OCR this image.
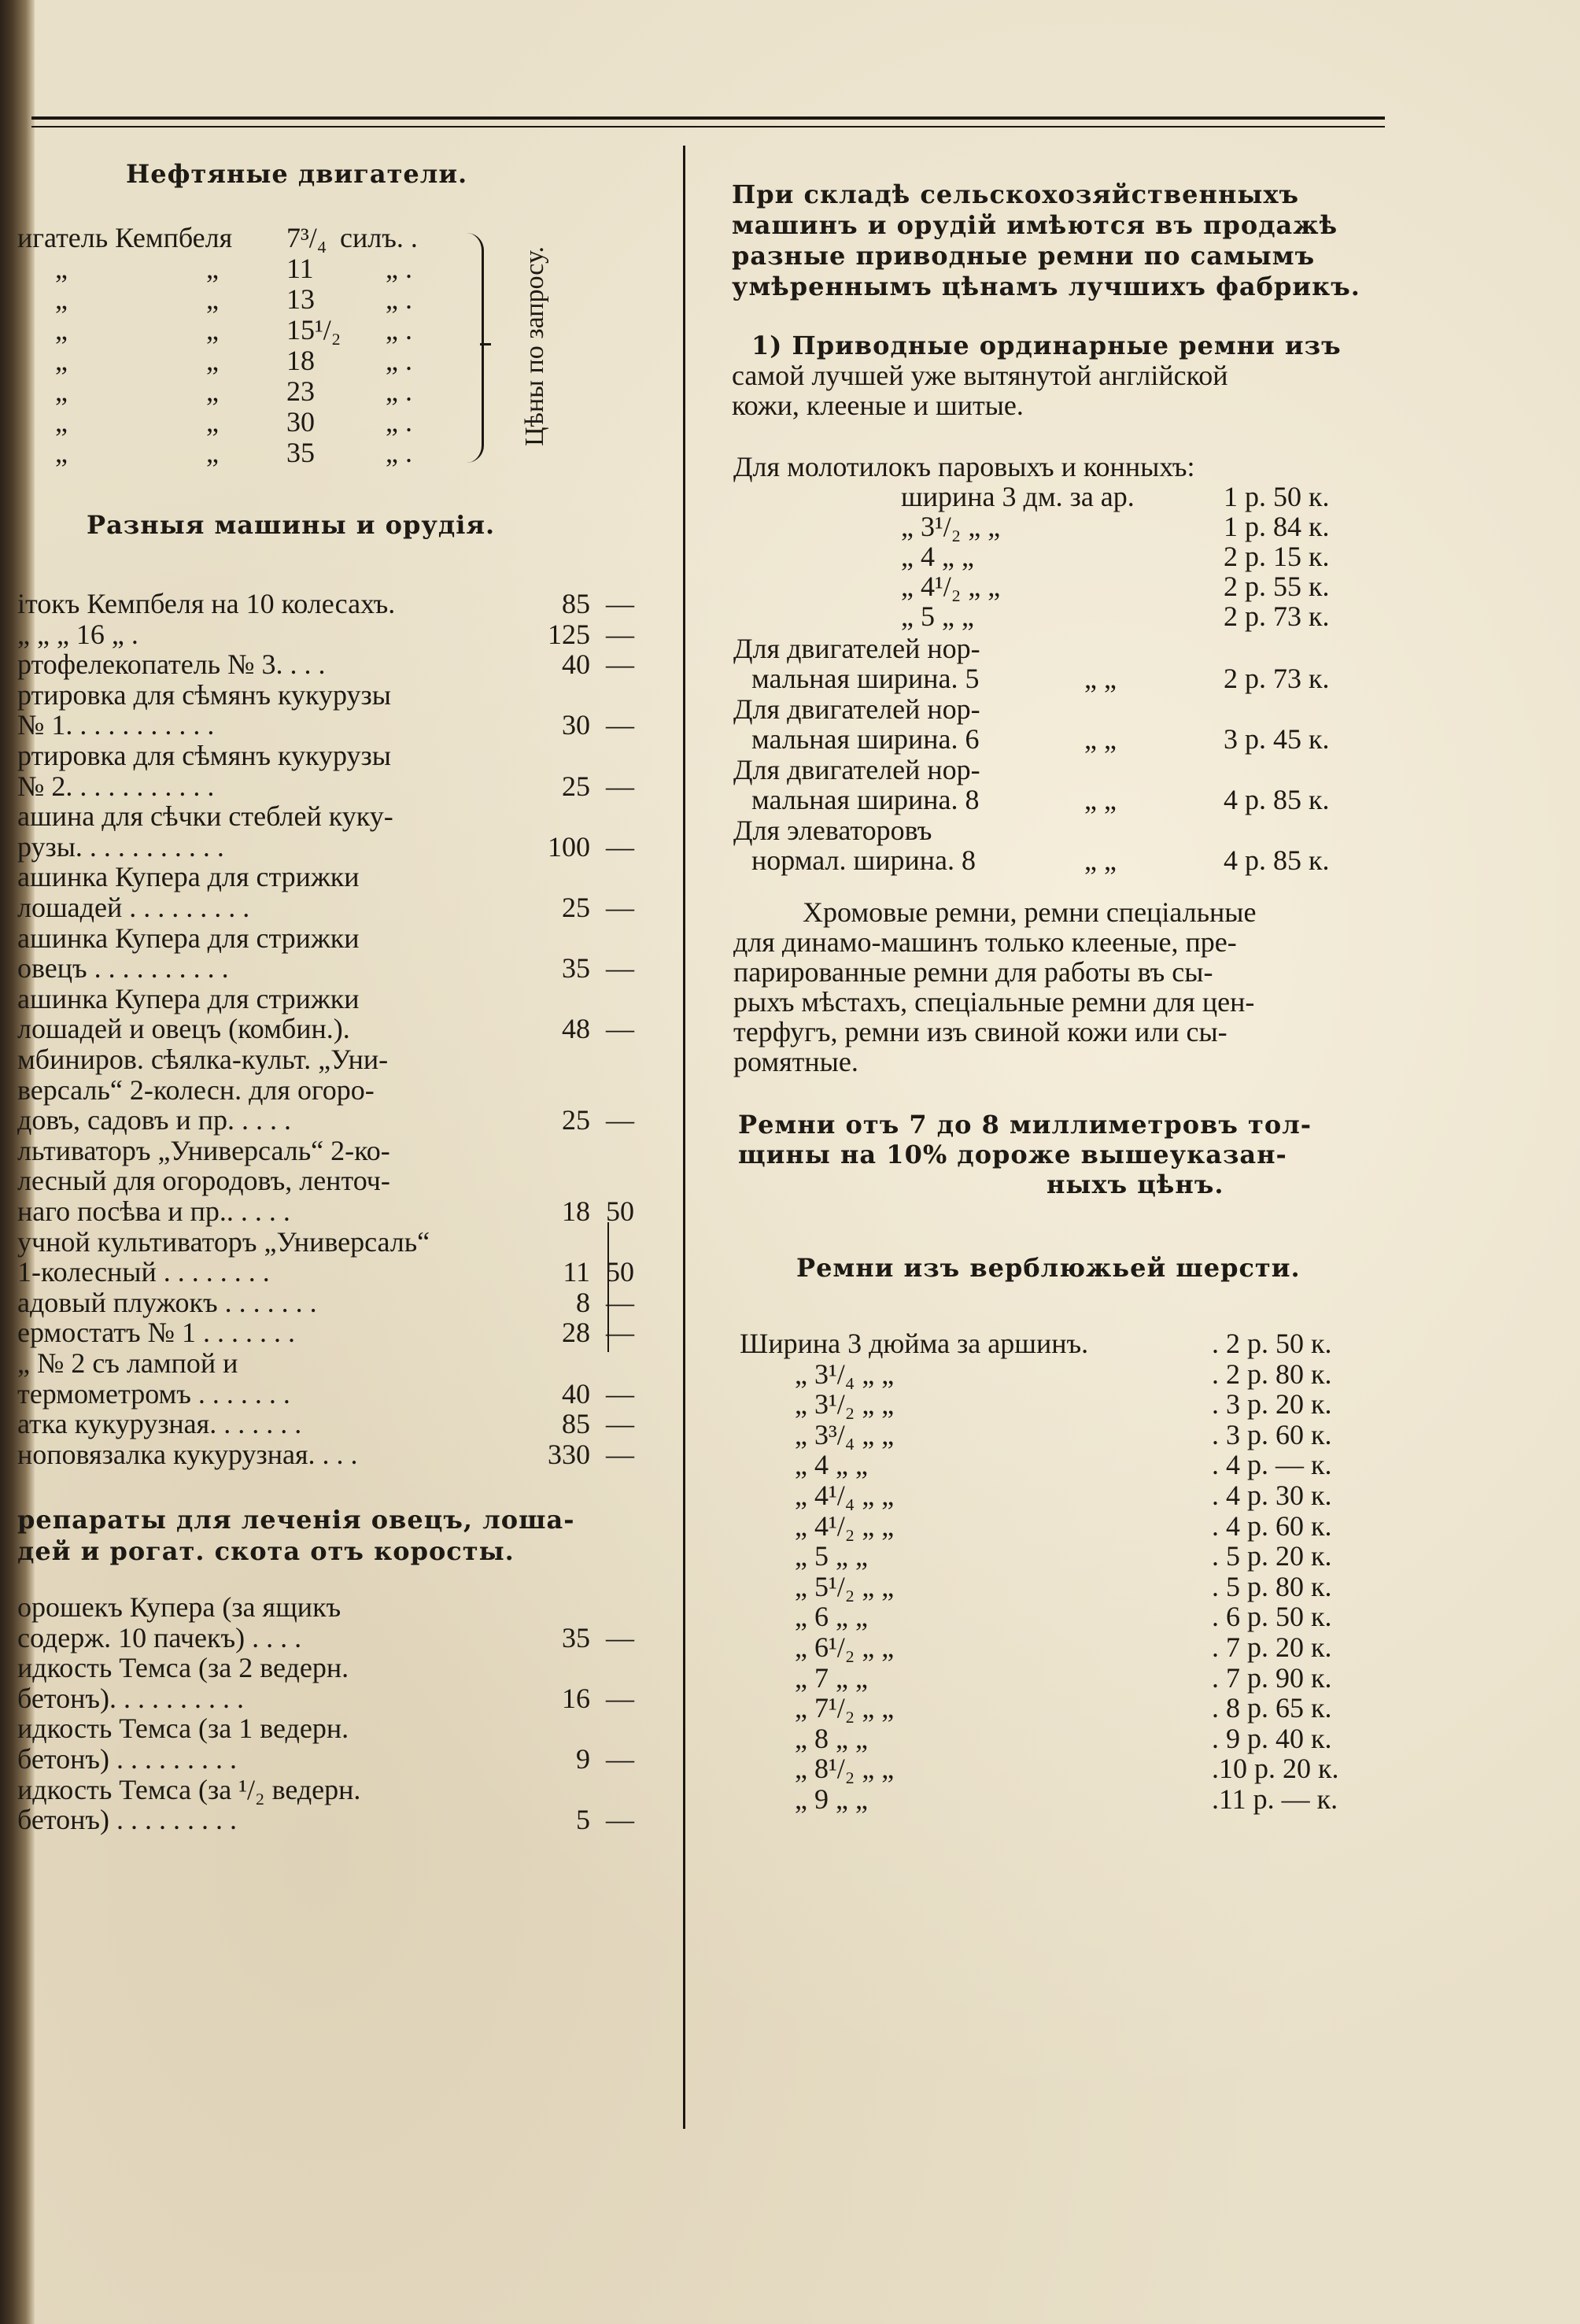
Нефтяные двигатели.
игатель Кемпбеля 7³/₄ силъ. .
„	„ 11	„ .
„	„ 13	„ .
„	„ 15¹/₂ „ .
„	„ 18	„ .
„	„ 23	„ .
„	„ 30	„ .
„	„ 35	„ .
Разныя машины и орудія.
ітокъ Кемпбеля на 10 колесахъ.	85 —
„ „ „ 16 „ .	125 —
ртофелекопатель № 3. . . .	40 —
ртировка для сѣмянъ кукурузы
№ 1. . . . . . . . . . .	30 —
ртировка для сѣмянъ кукурузы
№ 2. . . . . . . . . . .	25 —
ашина для сѣчки стеблей куку-
рузы. . . . . . . . . . .	100 —
ашинка Купера для стрижки
лошадей . . . . . . . . .	25 —
ашинка Купера для стрижки
овецъ . . . . . . . . . .	35 —
ашинка Купера для стрижки
лошадей и овецъ (комбин.).	48 —
мбиниров. сѣялка-культ. „Уни-
версаль“ 2-колесн. для огоро-
довъ, садовъ и пр. . . . .	25 —
льтиваторъ „Универсаль“ 2-ко-
лесный для огородовъ, ленточ-
наго посѣва и пр.. . . . .	18 50
учной культиваторъ „Универсаль“
1-колесный . . . . . . . .	11 50
адовый плужокъ . . . . . . .	8 —
ермостатъ № 1 . . . . . . .	28 —
„ № 2 съ лампой и
термометромъ . . . . . . .	40 —
атка кукурузная. . . . . . .	85 —
ноповязалка кукурузная. . . .	330 —
репараты для леченія овецъ, лоша-
дей и рогат. скота отъ коросты.
орошекъ Купера (за ящикъ
содерж. 10 пачекъ) . . . .	35 —
идкость Темса (за 2 ведерн.
бетонъ). . . . . . . . . .	16 —
идкость Темса (за 1 ведерн.
бетонъ) . . . . . . . . .	9 —
идкость Темса (за ¹/₂ ведерн.
бетонъ) . . . . . . . . .	5 —
При складѣ сельскохозяйственныхъ
машинъ и орудій имѣются въ продажѣ
разные приводные ремни по самымъ
умѣреннымъ цѣнамъ лучшихъ фабрикъ.
1) Приводные ординарные ремни изъ
самой лучшей уже вытянутой англійской
кожи, клееные и шитые.
Для молотилокъ паровыхъ и конныхъ:
ширина 3 дм. за ар.	1 р. 50 к.
„ 3¹/₂ „ „	1 р. 84 к.
„ 4 „ „	2 р. 15 к.
„ 4¹/₂ „ „	2 р. 55 к.
„ 5 „ „	2 р. 73 к.
Для двигателей нор-
мальная ширина. 5	„ „	2 р. 73 к.
Для двигателей нор-
мальная ширина. 6	„ „	3 р. 45 к.
Для двигателей нор-
мальная ширина. 8	„ „	4 р. 85 к.
Для элеваторовъ
нормал. ширина. 8	„ „	4 р. 85 к.
Хромовые ремни, ремни спеціальные
для динамо-машинъ только клееные, пре-
парированные ремни для работы въ сы-
рыхъ мѣстахъ, спеціальные ремни для цен-
терфугъ, ремни изъ свиной кожи или сы-
ромятные.
Ремни отъ 7 до 8 миллиметровъ тол-
щины на 10% дороже вышеуказан-
ныхъ цѣнъ.
Ремни изъ верблюжьей шерсти.
Ширина 3 дюйма за аршинъ.	. 2 р. 50 к.
„ 3¹/₄ „ „	. 2 р. 80 к.
„ 3¹/₂ „ „	. 3 р. 20 к.
„ 3³/₄ „ „	. 3 р. 60 к.
„ 4 „ „	. 4 р. — к.
„ 4¹/₄ „ „	. 4 р. 30 к.
„ 4¹/₂ „ „	. 4 р. 60 к.
„ 5 „ „	. 5 р. 20 к.
„ 5¹/₂ „ „	. 5 р. 80 к.
„ 6 „ „	. 6 р. 50 к.
„ 6¹/₂ „ „	. 7 р. 20 к.
„ 7 „ „	. 7 р. 90 к.
„ 7¹/₂ „ „	. 8 р. 65 к.
„ 8 „ „	. 9 р. 40 к.
„ 8¹/₂ „ „	.10 р. 20 к.
„ 9 „ „	.11 р. — к.
Цѣны по запросу.
